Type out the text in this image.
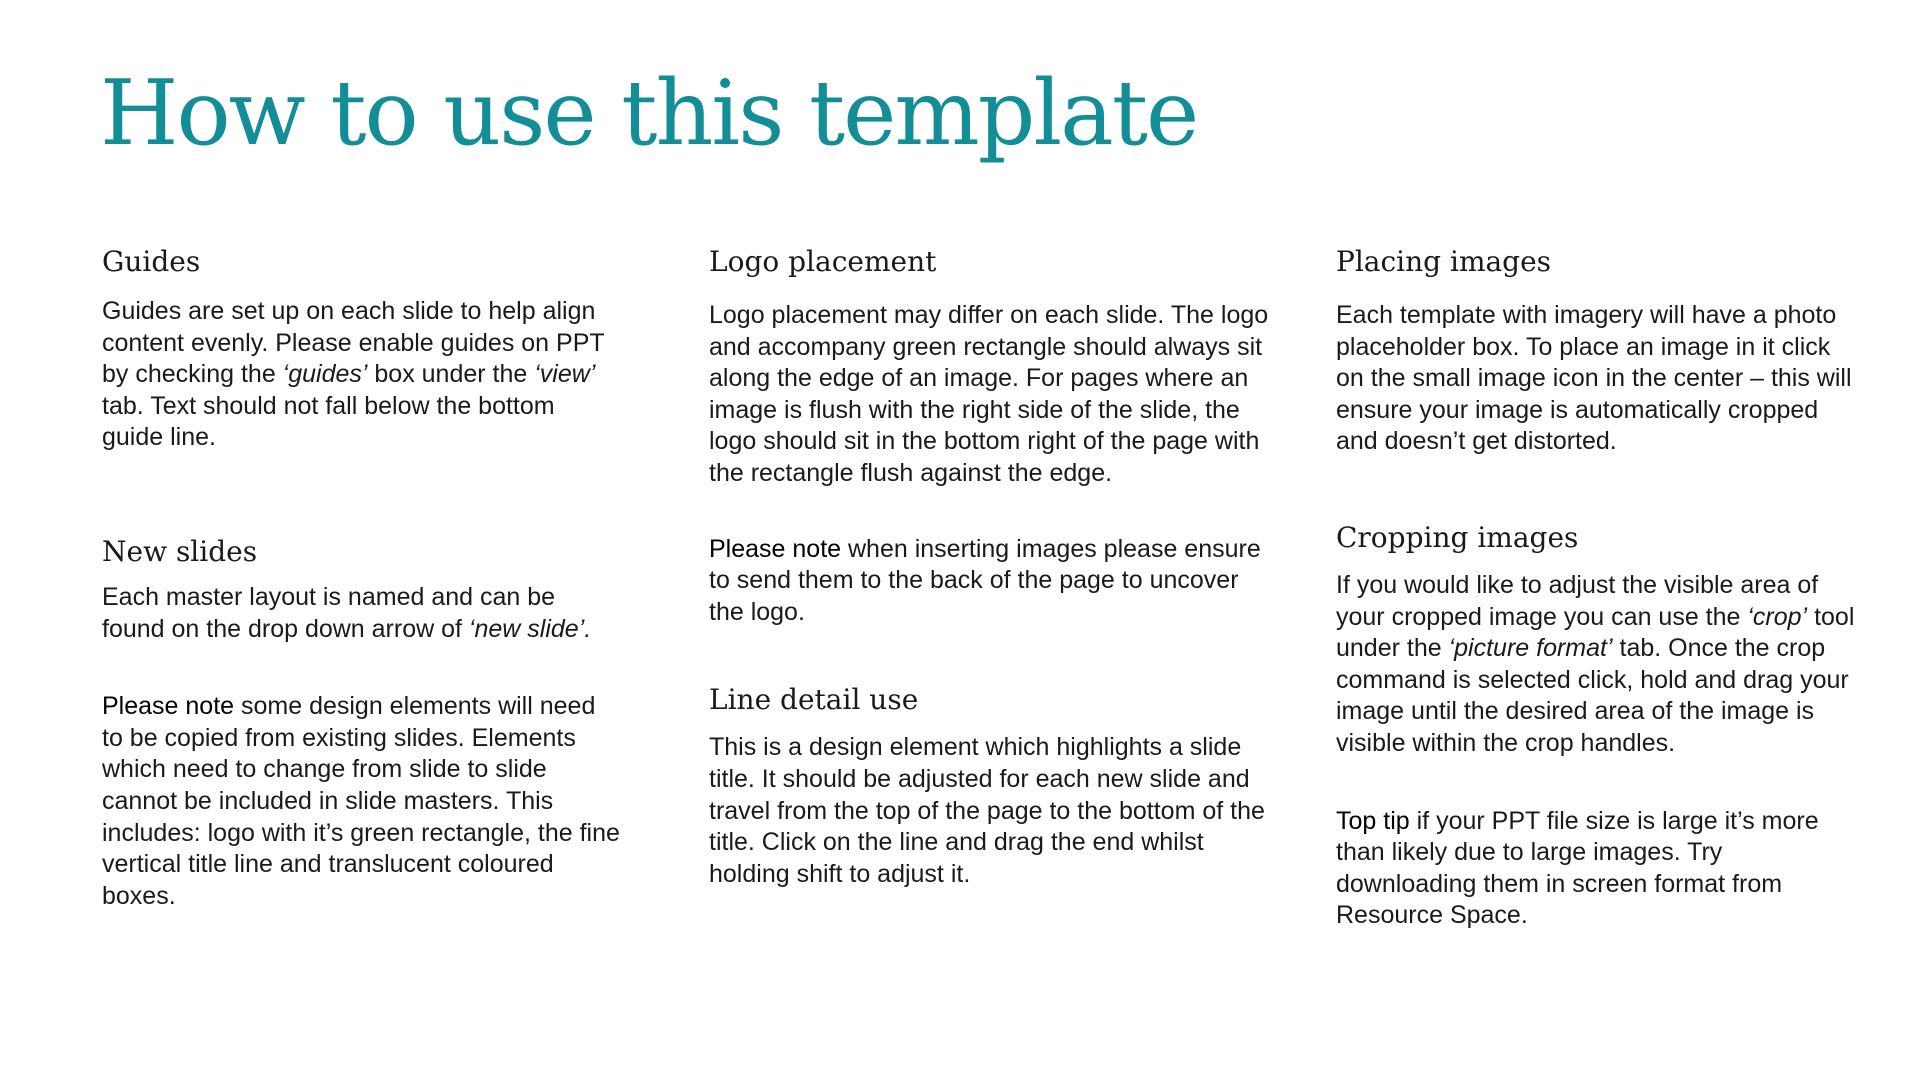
How to use this template
Guides

Guides are set up on each slide to help align content evenly. Please enable guides on PPT by checking the ‘guides’ box under the ‘view’ tab. Text should not fall below the bottom guide line.

New slides

Each master layout is named and can be found on the drop down arrow of ‘new slide’.

Please note some design elements will need to be copied from existing slides. Elements which need to change from slide to slide cannot be included in slide masters. This includes: logo with it’s green rectangle, the fine vertical title line and translucent coloured boxes.

Logo placement

Logo placement may differ on each slide. The logo and accompany green rectangle should always sit along the edge of an image. For pages where an image is flush with the right side of the slide, the logo should sit in the bottom right of the page with the rectangle flush against the edge.

Please note when inserting images please ensure to send them to the back of the page to uncover the logo.

Line detail use

This is a design element which highlights a slide title. It should be adjusted for each new slide and travel from the top of the page to the bottom of the title. Click on the line and drag the end whilst holding shift to adjust it.

Placing images

Each template with imagery will have a photo placeholder box. To place an image in it click on the small image icon in the center – this will ensure your image is automatically cropped and doesn’t get distorted.

Cropping images

If you would like to adjust the visible area of your cropped image you can use the ‘crop’ tool under the ‘picture format’ tab. Once the crop command is selected click, hold and drag your image until the desired area of the image is visible within the crop handles.

Top tip if your PPT file size is large it’s more than likely due to large images. Try downloading them in screen format from Resource Space.
